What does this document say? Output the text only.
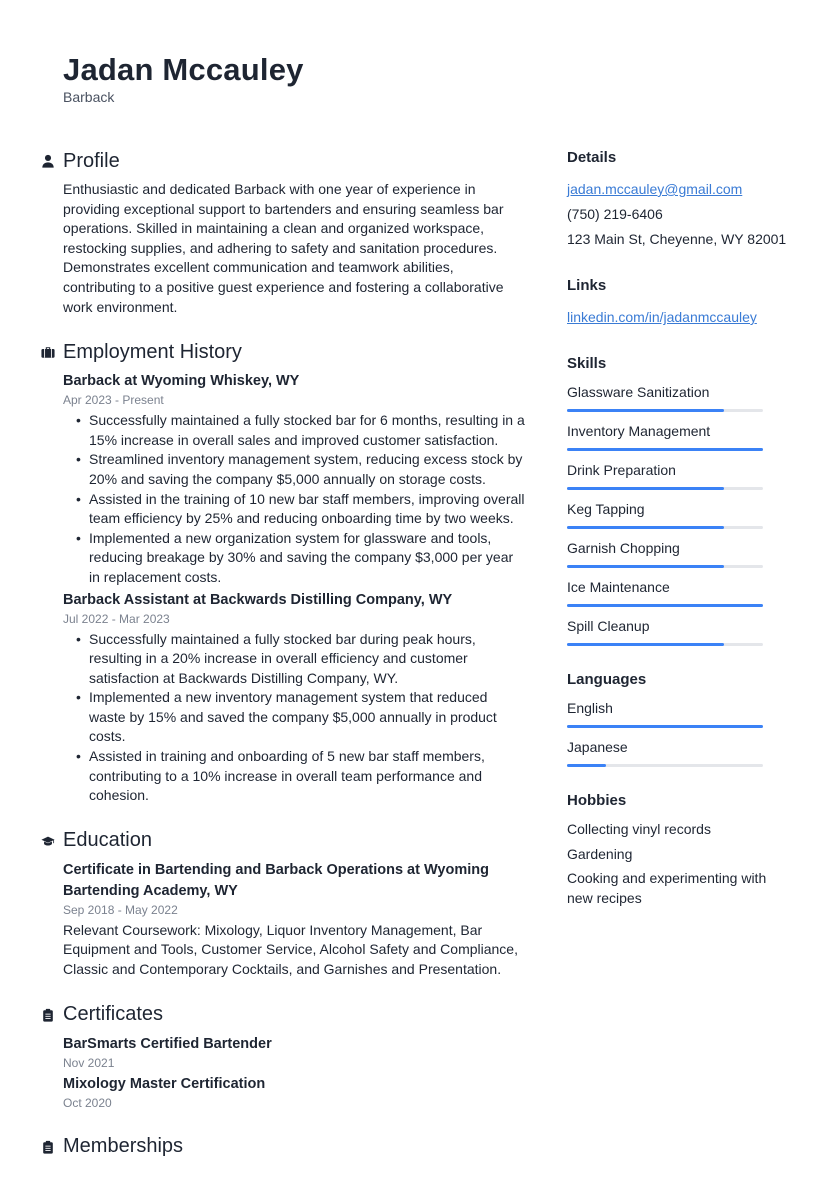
Jadan Mccauley
Barback
Profile

Enthusiastic and dedicated Barback with one year of experience in providing exceptional support to bartenders and ensuring seamless bar operations. Skilled in maintaining a clean and organized workspace, restocking supplies, and adhering to safety and sanitation procedures. Demonstrates excellent communication and teamwork abilities, contributing to a positive guest experience and fostering a collaborative work environment.

Employment History
Barback at Wyoming Whiskey, WY
Apr 2023 - Present
• Successfully maintained a fully stocked bar for 6 months, resulting in a 15% increase in overall sales and improved customer satisfaction.
• Streamlined inventory management system, reducing excess stock by 20% and saving the company $5,000 annually on storage costs.
• Assisted in the training of 10 new bar staff members, improving overall team efficiency by 25% and reducing onboarding time by two weeks.
• Implemented a new organization system for glassware and tools, reducing breakage by 30% and saving the company $3,000 per year in replacement costs.
Barback Assistant at Backwards Distilling Company, WY
Jul 2022 - Mar 2023
• Successfully maintained a fully stocked bar during peak hours, resulting in a 20% increase in overall efficiency and customer satisfaction at Backwards Distilling Company, WY.
• Implemented a new inventory management system that reduced waste by 15% and saved the company $5,000 annually in product costs.
• Assisted in training and onboarding of 5 new bar staff members, contributing to a 10% increase in overall team performance and cohesion.
Education
Certificate in Bartending and Barback Operations at Wyoming Bartending Academy, WY
Sep 2018 - May 2022

Relevant Coursework: Mixology, Liquor Inventory Management, Bar Equipment and Tools, Customer Service, Alcohol Safety and Compliance, Classic and Contemporary Cocktails, and Garnishes and Presentation.

Certificates
BarSmarts Certified Bartender
Nov 2021
Mixology Master Certification
Oct 2020
Memberships
Details
jadan.mccauley@gmail.com
(750) 219-6406
123 Main St, Cheyenne, WY 82001
Links
linkedin.com/in/jadanmccauley
Skills
Glassware Sanitization
Inventory Management
Drink Preparation
Keg Tapping
Garnish Chopping
Ice Maintenance
Spill Cleanup
Languages
English
Japanese
Hobbies
Collecting vinyl records
Gardening
Cooking and experimenting with new recipes
